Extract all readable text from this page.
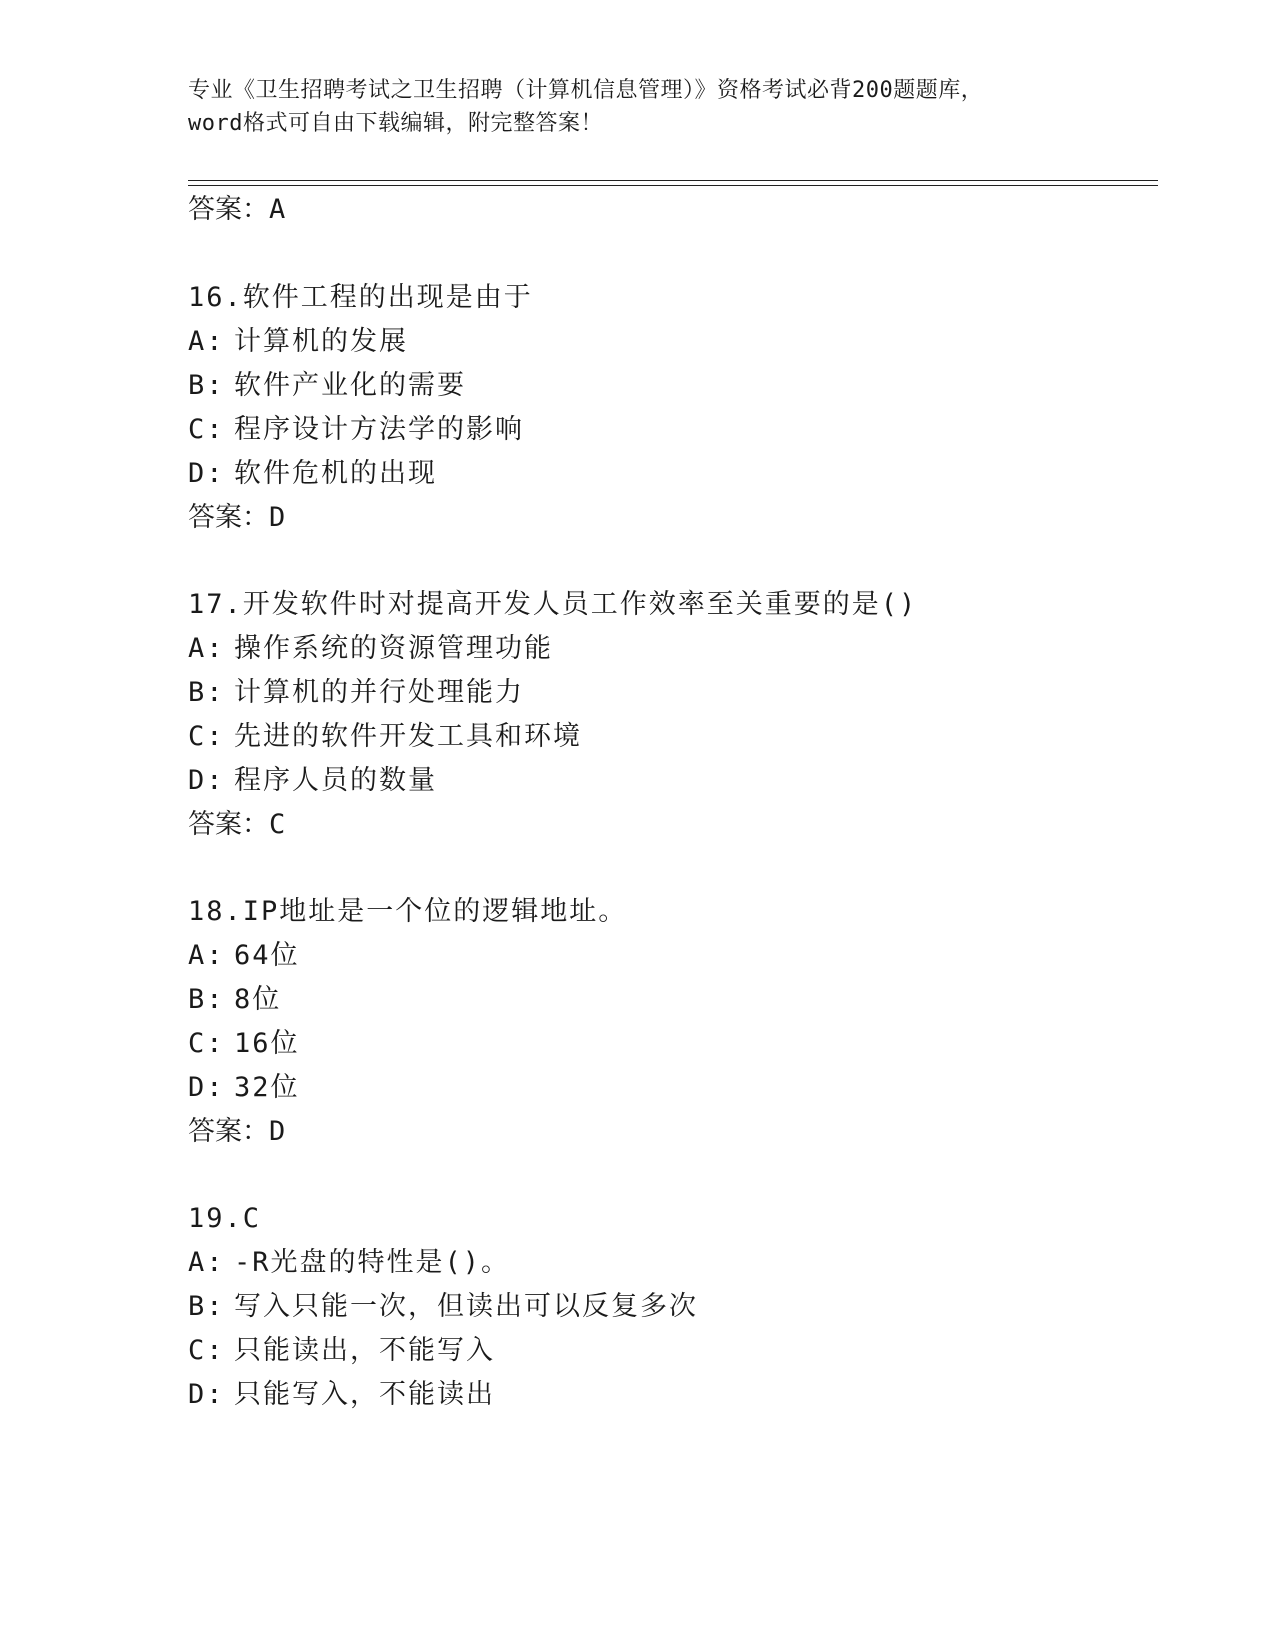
专业《卫生招聘考试之卫生招聘（计算机信息管理）》资格考试必背200题题库，
word格式可自由下载编辑，附完整答案！
答案：A
16.软件工程的出现是由于
A: 计算机的发展
B: 软件产业化的需要
C: 程序设计方法学的影响
D: 软件危机的出现
答案：D
17.开发软件时对提高开发人员工作效率至关重要的是()
A: 操作系统的资源管理功能
B: 计算机的并行处理能力
C: 先进的软件开发工具和环境
D: 程序人员的数量
答案：C
18.IP地址是一个位的逻辑地址。
A: 64位
B: 8位
C: 16位
D: 32位
答案：D
19.C
A: -R光盘的特性是()。
B: 写入只能一次，但读出可以反复多次
C: 只能读出，不能写入
D: 只能写入，不能读出
